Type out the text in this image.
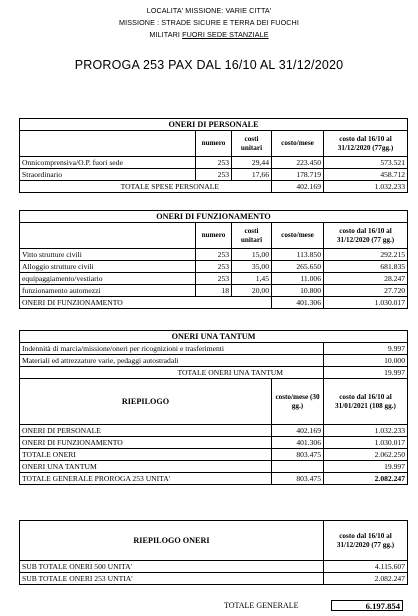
LOCALITA' MISSIONE: VARIE CITTA'
MISSIONE : STRADE SICURE E TERRA DEI FUOCHI
MILITARI FUORI SEDE STANZIALE
PROROGA 253 PAX DAL 16/10 AL 31/12/2020
ONERI DI PERSONALE				
	numero	costi unitari	costo/mese	costo dal 16/10 al 31/12/2020 (77gg.)
Onnicomprensiva/O.P. fuori sede	253	29,44	223.450	573.521
Straordinario	253	17,66	178.719	458.712
TOTALE SPESE PERSONALE			402.169	1.032.233
ONERI DI FUNZIONAMENTO				
	numero	costi unitari	costo/mese	costo dal 16/10 al 31/12/2020 (77 gg.)
Vitto strutture civili	253	15,00	113.850	292.215
Alloggio strutture civili	253	35,00	265.650	681.835
equipaggiamento/vestiario	253	1,45	11.006	28.247
funzionamento automezzi	18	20,00	10.800	27.720
ONERI DI FUNZIONAMENTO			401.306	1.030.017
ONERI UNA TANTUM	
Indennità di marcia/missione/oneri per ricognizioni e trasferimenti	9.997
Materiali ed attrezzature varie, pedaggi autostradali	10.000
TOTALE ONERI UNA TANTUM	19.997
RIEPILOGO	costo/mese (30 gg.)	costo dal 16/10 al 31/01/2021 (108 gg.)
ONERI DI PERSONALE	402.169	1.032.233
ONERI DI FUNZIONAMENTO	401.306	1.030.017
TOTALE ONERI	803.475	2.062.250
ONERI UNA TANTUM		19.997
TOTALE GENERALE PROROGA 253 UNITA'	803.475	2.082.247
RIEPILOGO ONERI	costo dal 16/10 al 31/12/2020 (77 gg.)
SUB TOTALE ONERI 500 UNITA'	4.115.607
SUB TOTALE ONERI 253 UNTIA'	2.082.247
TOTALE GENERALE	6.197.854
